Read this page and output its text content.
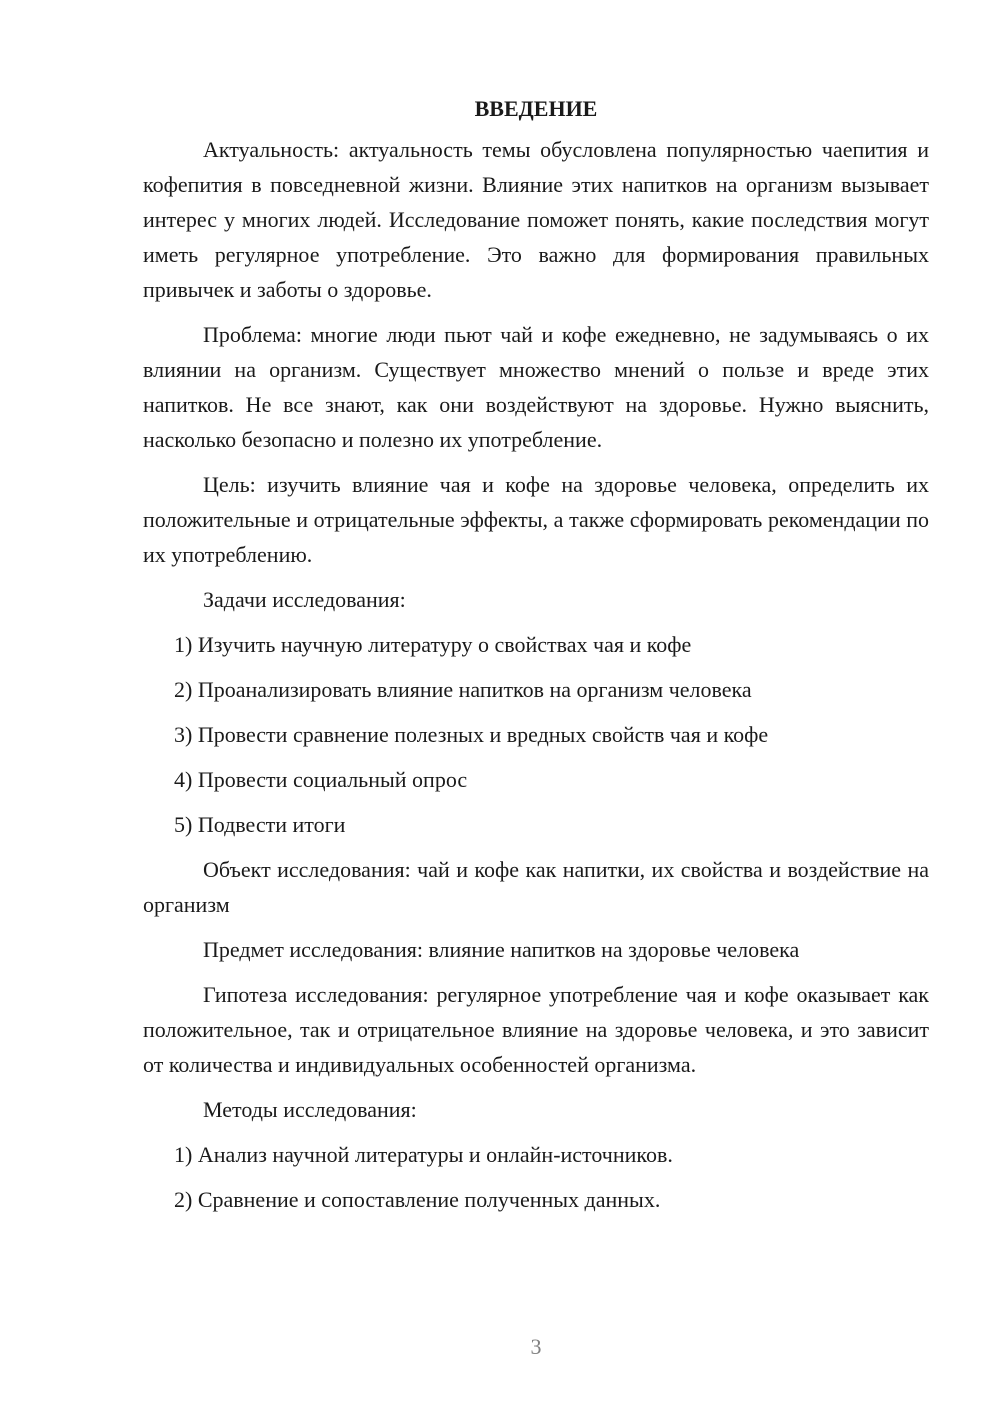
ВВЕДЕНИЕ

Актуальность: актуальность темы обусловлена популярностью чаепития и кофепития в повседневной жизни. Влияние этих напитков на организм вызывает интерес у многих людей. Исследование поможет понять, какие последствия могут иметь регулярное употребление. Это важно для формирования правильных привычек и заботы о здоровье.

Проблема: многие люди пьют чай и кофе ежедневно, не задумываясь о их влиянии на организм. Существует множество мнений о пользе и вреде этих напитков. Не все знают, как они воздействуют на здоровье. Нужно выяснить, насколько безопасно и полезно их употребление.

Цель: изучить влияние чая и кофе на здоровье человека, определить их положительные и отрицательные эффекты, а также сформировать рекомендации по их употреблению.

Задачи исследования:

1) Изучить научную литературу о свойствах чая и кофе
2) Проанализировать влияние напитков на организм человека
3) Провести сравнение полезных и вредных свойств чая и кофе
4) Провести социальный опрос
5) Подвести итоги

Объект исследования: чай и кофе как напитки, их свойства и воздействие на организм

Предмет исследования: влияние напитков на здоровье человека

Гипотеза исследования: регулярное употребление чая и кофе оказывает как положительное, так и отрицательное влияние на здоровье человека, и это зависит от количества и индивидуальных особенностей организма.

Методы исследования:

1) Анализ научной литературы и онлайн-источников.
2) Сравнение и сопоставление полученных данных.
3
